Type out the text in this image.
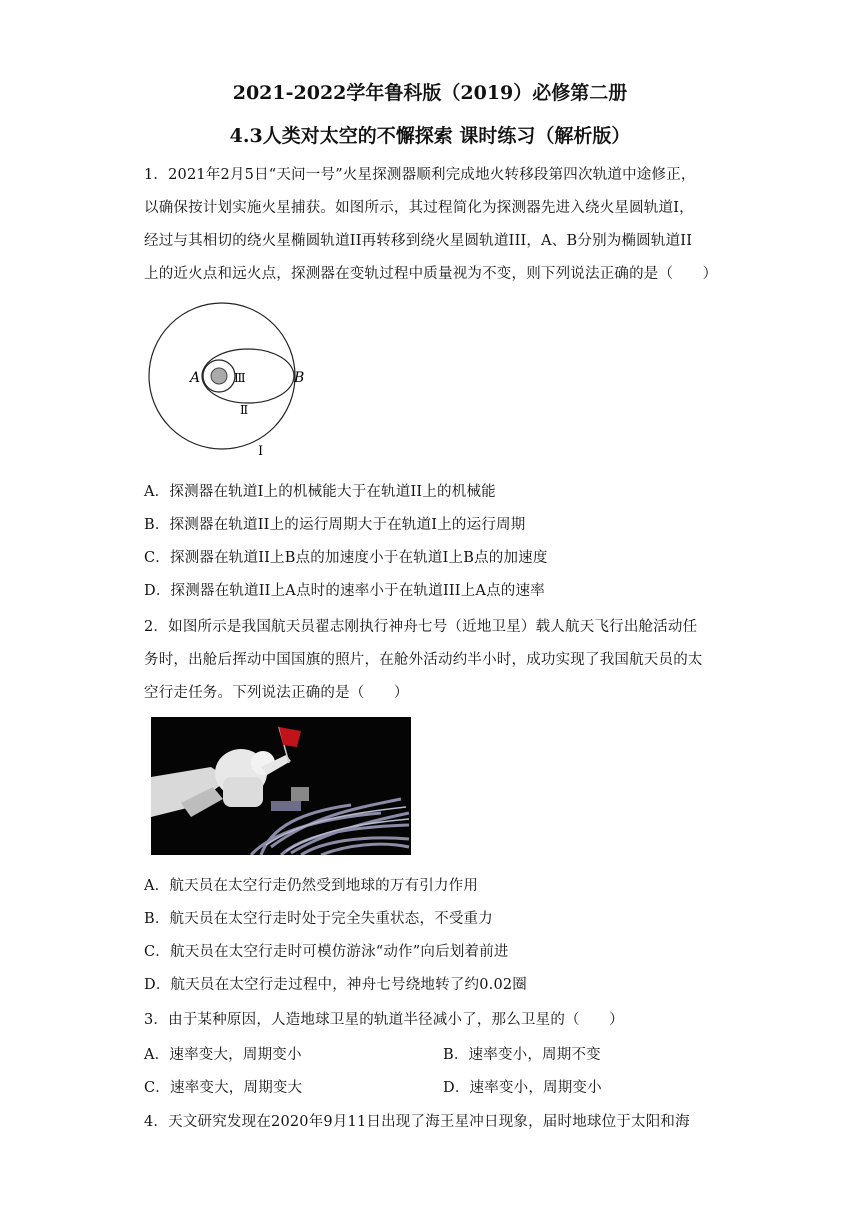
2021-2022学年鲁科版（2019）必修第二册
4.3人类对太空的不懈探索 课时练习（解析版）
1．2021年2月5日“天问一号”火星探测器顺利完成地火转移段第四次轨道中途修正，
以确保按计划实施火星捕获。如图所示，其过程简化为探测器先进入绕火星圆轨道I，
经过与其相切的绕火星椭圆轨道II再转移到绕火星圆轨道III，A、B分别为椭圆轨道II
上的近火点和远火点，探测器在变轨过程中质量视为不变，则下列说法正确的是（　　）
A	Ⅲ	B
Ⅱ
I
A．探测器在轨道I上的机械能大于在轨道II上的机械能
B．探测器在轨道II上的运行周期大于在轨道I上的运行周期
C．探测器在轨道II上B点的加速度小于在轨道I上B点的加速度
D．探测器在轨道II上A点时的速率小于在轨道III上A点的速率
2．如图所示是我国航天员翟志刚执行神舟七号（近地卫星）载人航天飞行出舱活动任
务时，出舱后挥动中国国旗的照片，在舱外活动约半小时，成功实现了我国航天员的太
空行走任务。下列说法正确的是（　　）
A．航天员在太空行走仍然受到地球的万有引力作用
B．航天员在太空行走时处于完全失重状态，不受重力
C．航天员在太空行走时可模仿游泳“动作”向后划着前进
D．航天员在太空行走过程中，神舟七号绕地转了约0.02圈
3．由于某种原因，人造地球卫星的轨道半径减小了，那么卫星的（　　）
A．速率变大，周期变小	B．速率变小，周期不变
C．速率变大，周期变大	D．速率变小，周期变小
4．天文研究发现在2020年9月11日出现了海王星冲日现象，届时地球位于太阳和海
